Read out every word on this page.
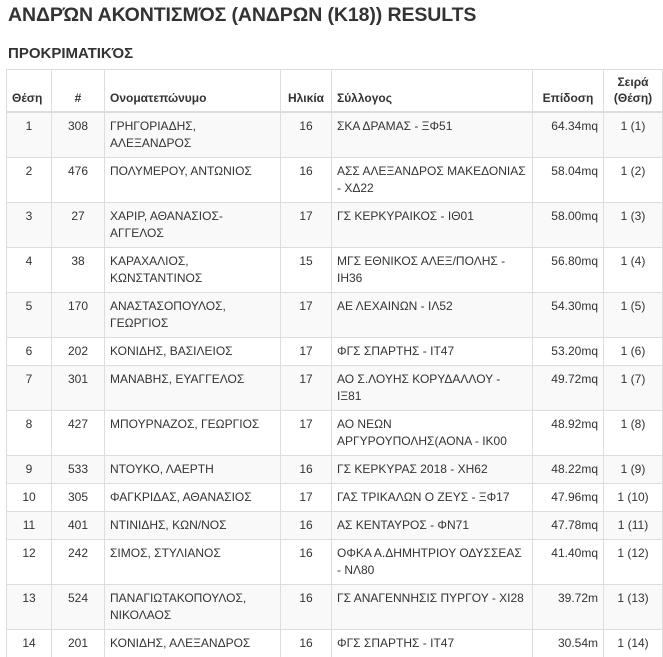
ΑΝΔΡΏΝ ΑΚΟΝΤΙΣΜΌΣ (ΑΝΔΡΩΝ (Κ18)) RESULTS
ΠΡΟΚΡΙΜΑΤΙΚΌΣ
Θέση	#	Ονοματεπώνυμο	Ηλικία	Σύλλογος	Επίδοση	Σειρά
(Θέση)

1	308	ΓΡΗΓΟΡΙΑΔΗΣ, ΑΛΕΞΑΝΔΡΟΣ	16	ΣΚΑ ΔΡΑΜΑΣ - ΞΦ51	64.34mq	1 (1)
2	476	ΠΟΛΥΜΕΡΟΥ, ΑΝΤΩΝΙΟΣ	16	ΑΣΣ ΑΛΕΞΑΝΔΡΟΣ ΜΑΚΕΔΟΝΙΑΣ - ΧΔ22	58.04mq	1 (2)
3	27	ΧΑΡΙΡ, ΑΘΑΝΑΣΙΟΣ-ΑΓΓΕΛΟΣ	17	ΓΣ ΚΕΡΚΥΡΑΙΚΟΣ - ΙΘ01	58.00mq	1 (3)
4	38	ΚΑΡΑΧΑΛΙΟΣ, ΚΩΝΣΤΑΝΤΙΝΟΣ	15	ΜΓΣ ΕΘΝΙΚΟΣ ΑΛΕΞ/ΠΟΛΗΣ - ΙΗ36	56.80mq	1 (4)
5	170	ΑΝΑΣΤΑΣΟΠΟΥΛΟΣ, ΓΕΩΡΓΙΟΣ	17	ΑΕ ΛΕΧΑΙΝΩΝ - ΙΛ52	54.30mq	1 (5)
6	202	ΚΟΝΙΔΗΣ, ΒΑΣΙΛΕΙΟΣ	17	ΦΓΣ ΣΠΑΡΤΗΣ - ΙΤ47	53.20mq	1 (6)
7	301	ΜΑΝΑΒΗΣ, ΕΥΑΓΓΕΛΟΣ	17	ΑΟ Σ.ΛΟΥΗΣ ΚΟΡΥΔΑΛΛΟΥ - ΙΞ81	49.72mq	1 (7)
8	427	ΜΠΟΥΡΝΑΖΟΣ, ΓΕΩΡΓΙΟΣ	17	ΑΟ ΝΕΩΝ ΑΡΓΥΡΟΥΠΟΛΗΣ(ΑΟΝΑ - ΙΚ00	48.92mq	1 (8)
9	533	ΝΤΟΥΚΟ, ΛΑΕΡΤΗ	16	ΓΣ ΚΕΡΚΥΡΑΣ 2018 - ΧΗ62	48.22mq	1 (9)
10	305	ΦΑΓΚΡΙΔΑΣ, ΑΘΑΝΑΣΙΟΣ	17	ΓΑΣ ΤΡΙΚΑΛΩΝ Ο ΖΕΥΣ - ΞΦ17	47.96mq	1 (10)
11	401	ΝΤΙΝΙΔΗΣ, ΚΩΝ/ΝΟΣ	16	ΑΣ ΚΕΝΤΑΥΡΟΣ - ΦΝ71	47.78mq	1 (11)
12	242	ΣΙΜΟΣ, ΣΤΥΛΙΑΝΟΣ	16	ΟΦΚΑ Α.ΔΗΜΗΤΡΙΟΥ ΟΔΥΣΣΕΑΣ - ΝΛ80	41.40mq	1 (12)
13	524	ΠΑΝΑΓΙΩΤΑΚΟΠΟΥΛΟΣ, ΝΙΚΟΛΑΟΣ	16	ΓΣ ΑΝΑΓΕΝΝΗΣΙΣ ΠΥΡΓΟΥ - ΧΙ28	39.72m	1 (13)
14	201	ΚΟΝΙΔΗΣ, ΑΛΕΞΑΝΔΡΟΣ	16	ΦΓΣ ΣΠΑΡΤΗΣ - ΙΤ47	30.54m	1 (14)
